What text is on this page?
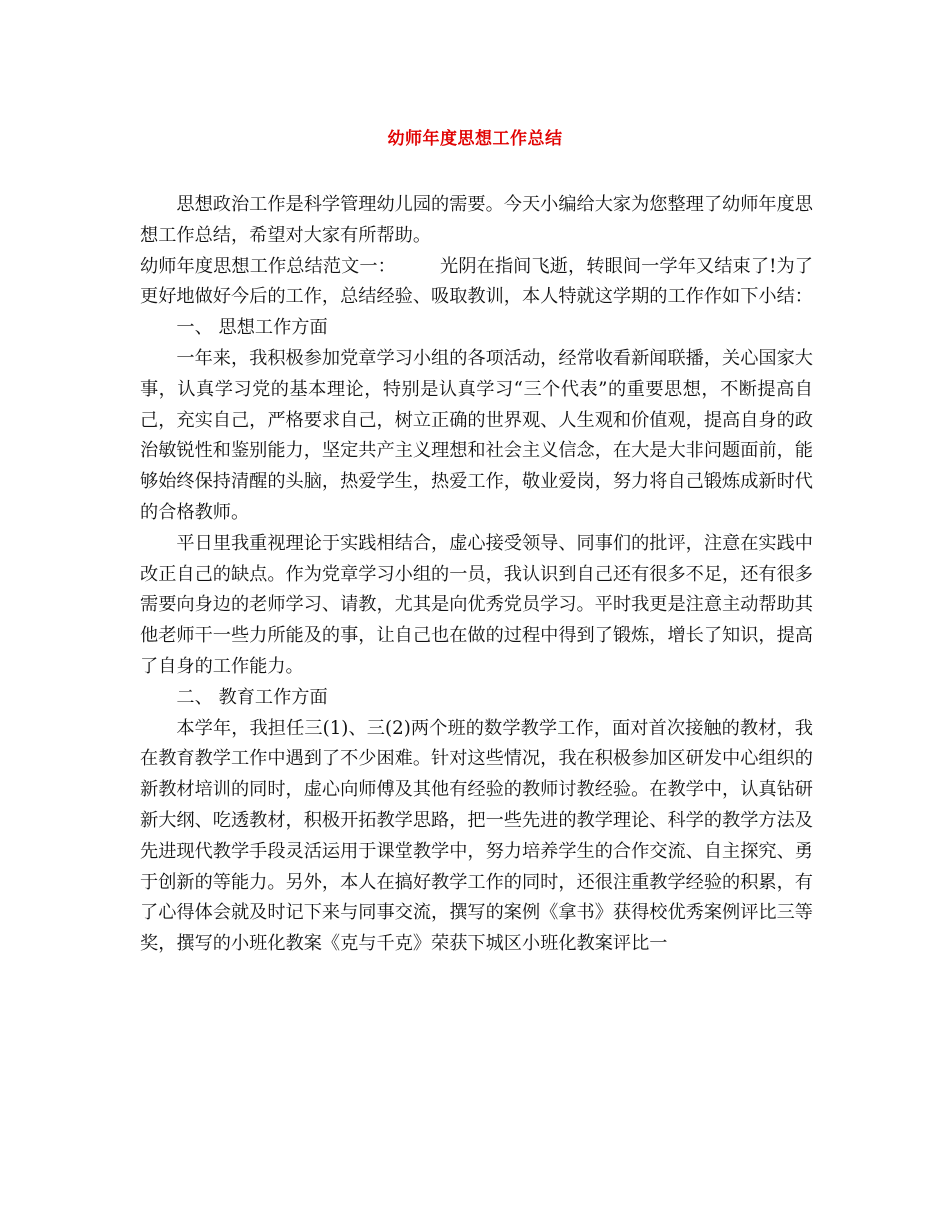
幼师年度思想工作总结

思想政治工作是科学管理幼儿园的需要。今天小编给大家为您整理了幼师年度思想工作总结，希望对大家有所帮助。

幼师年度思想工作总结范文一： 光阴在指间飞逝，转眼间一学年又结束了!为了更好地做好今后的工作，总结经验、吸取教训，本人特就这学期的工作作如下小结：

一、 思想工作方面

一年来，我积极参加党章学习小组的各项活动，经常收看新闻联播，关心国家大事，认真学习党的基本理论，特别是认真学习“三个代表”的重要思想，不断提高自己，充实自己，严格要求自己，树立正确的世界观、人生观和价值观，提高自身的政治敏锐性和鉴别能力，坚定共产主义理想和社会主义信念，在大是大非问题面前，能够始终保持清醒的头脑，热爱学生，热爱工作，敬业爱岗，努力将自己锻炼成新时代的合格教师。

平日里我重视理论于实践相结合，虚心接受领导、同事们的批评，注意在实践中改正自己的缺点。作为党章学习小组的一员，我认识到自己还有很多不足，还有很多需要向身边的老师学习、请教，尤其是向优秀党员学习。平时我更是注意主动帮助其他老师干一些力所能及的事，让自己也在做的过程中得到了锻炼，增长了知识，提高了自身的工作能力。

二、 教育工作方面

本学年，我担任三(1)、三(2)两个班的数学教学工作，面对首次接触的教材，我在教育教学工作中遇到了不少困难。针对这些情况，我在积极参加区研发中心组织的新教材培训的同时，虚心向师傅及其他有经验的教师讨教经验。在教学中，认真钻研新大纲、吃透教材，积极开拓教学思路，把一些先进的教学理论、科学的教学方法及先进现代教学手段灵活运用于课堂教学中，努力培养学生的合作交流、自主探究、勇于创新的等能力。另外，本人在搞好教学工作的同时，还很注重教学经验的积累，有了心得体会就及时记下来与同事交流，撰写的案例《拿书》获得校优秀案例评比三等奖，撰写的小班化教案《克与千克》荣获下城区小班化教案评比一
